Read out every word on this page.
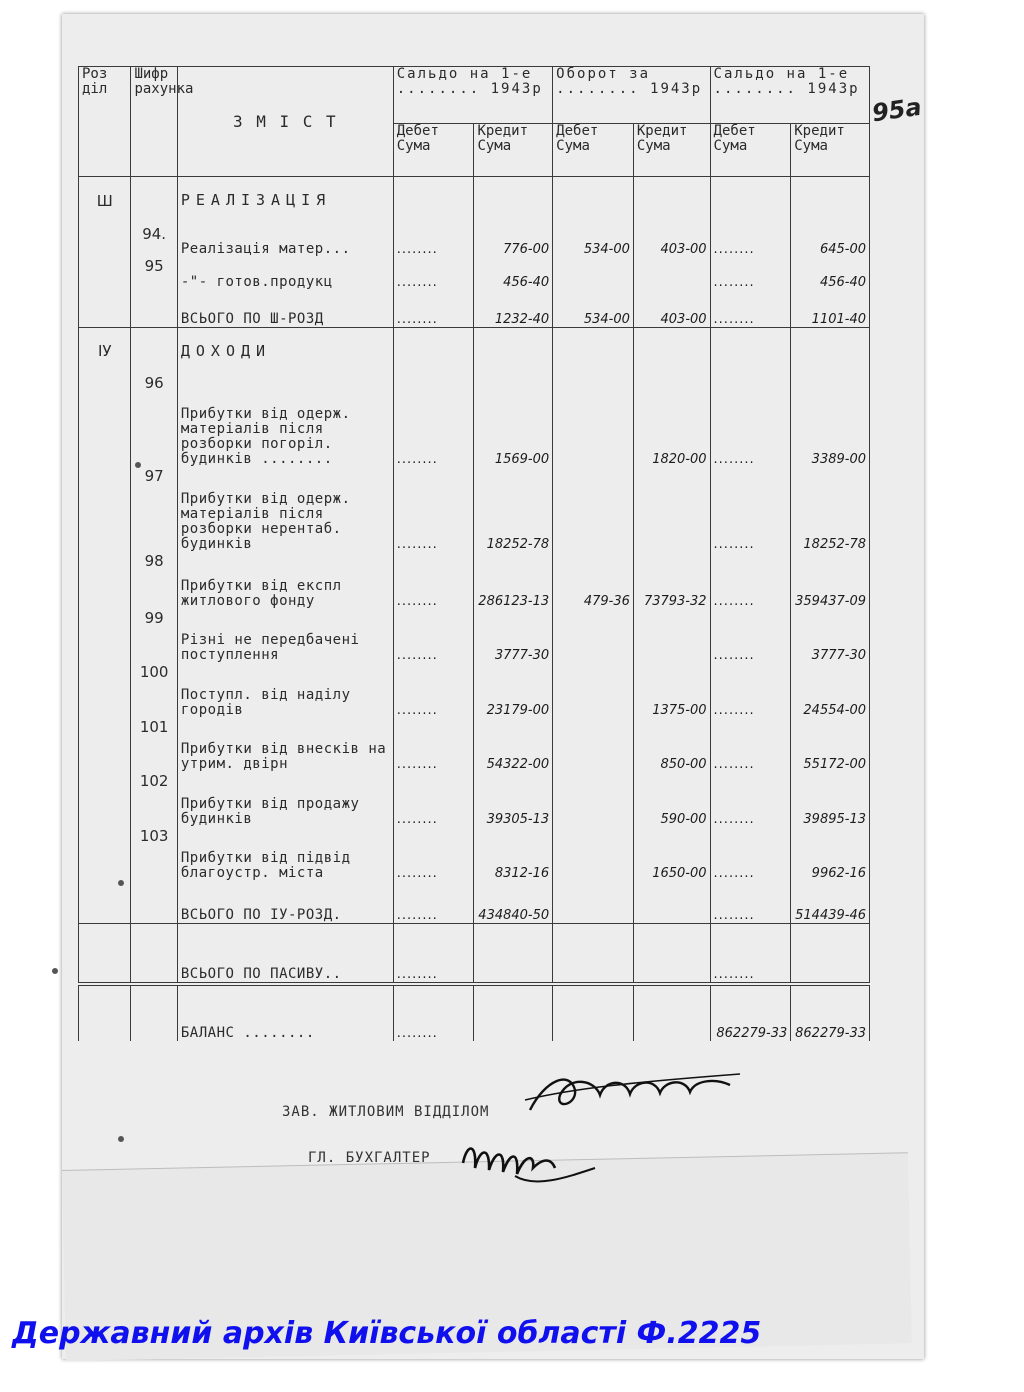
Роз діл	Шифр рахунка	З М І С Т	Сальдо на 1-е ........ 1943р		Оборот за ........ 1943р		Сальдо на 1-е ........ 1943р	
			Дебет Сума	Кредит Сума	Дебет Сума	Кредит Сума	Дебет Сума	Кредит Сума
Ш		РЕАЛІЗАЦІЯ						
	94.	Реалізація матер...	........	776-00	534-00	403-00	........	645-00
	95	-"- готов.продукц	........	456-40			........	456-40
		ВСЬОГО ПО Ш-РОЗД	........	1232-40	534-00	403-00	........	1101-40
ІУ		ДОХОДИ						
	96	Прибутки від одерж.
матеріалів після
розборки погоріл.
будинків ........	........	1569-00		1820-00	........	3389-00
	97	Прибутки від одерж.
матеріалів після
розборки нерентаб.
будинків	........	18252-78			........	18252-78
	98	Прибутки від експл
житлового фонду	........	286123-13	479-36	73793-32	........	359437-09
	99	Різні не передбачені
поступлення	........	3777-30			........	3777-30
	100	Поступл. від наділу
городів	........	23179-00		1375-00	........	24554-00
	101	Прибутки від внесків на утрим. двірн	........	54322-00		850-00	........	55172-00
	102	Прибутки від продажу будинків	........	39305-13		590-00	........	39895-13
	103	Прибутки від підвід
благоустр. міста	........	8312-16		1650-00	........	9962-16
		ВСЬОГО ПО ІУ-РОЗД.	........	434840-50			........	514439-46
		ВСЬОГО ПО ПАСИВУ..	........				........	
		БАЛАНС ........	........				862279-33	862279-33
95а
ЗАВ. ЖИТЛОВИМ ВІДДІЛОМ
ГЛ. БУХГАЛТЕР
Державний архів Київської області Ф.2225
